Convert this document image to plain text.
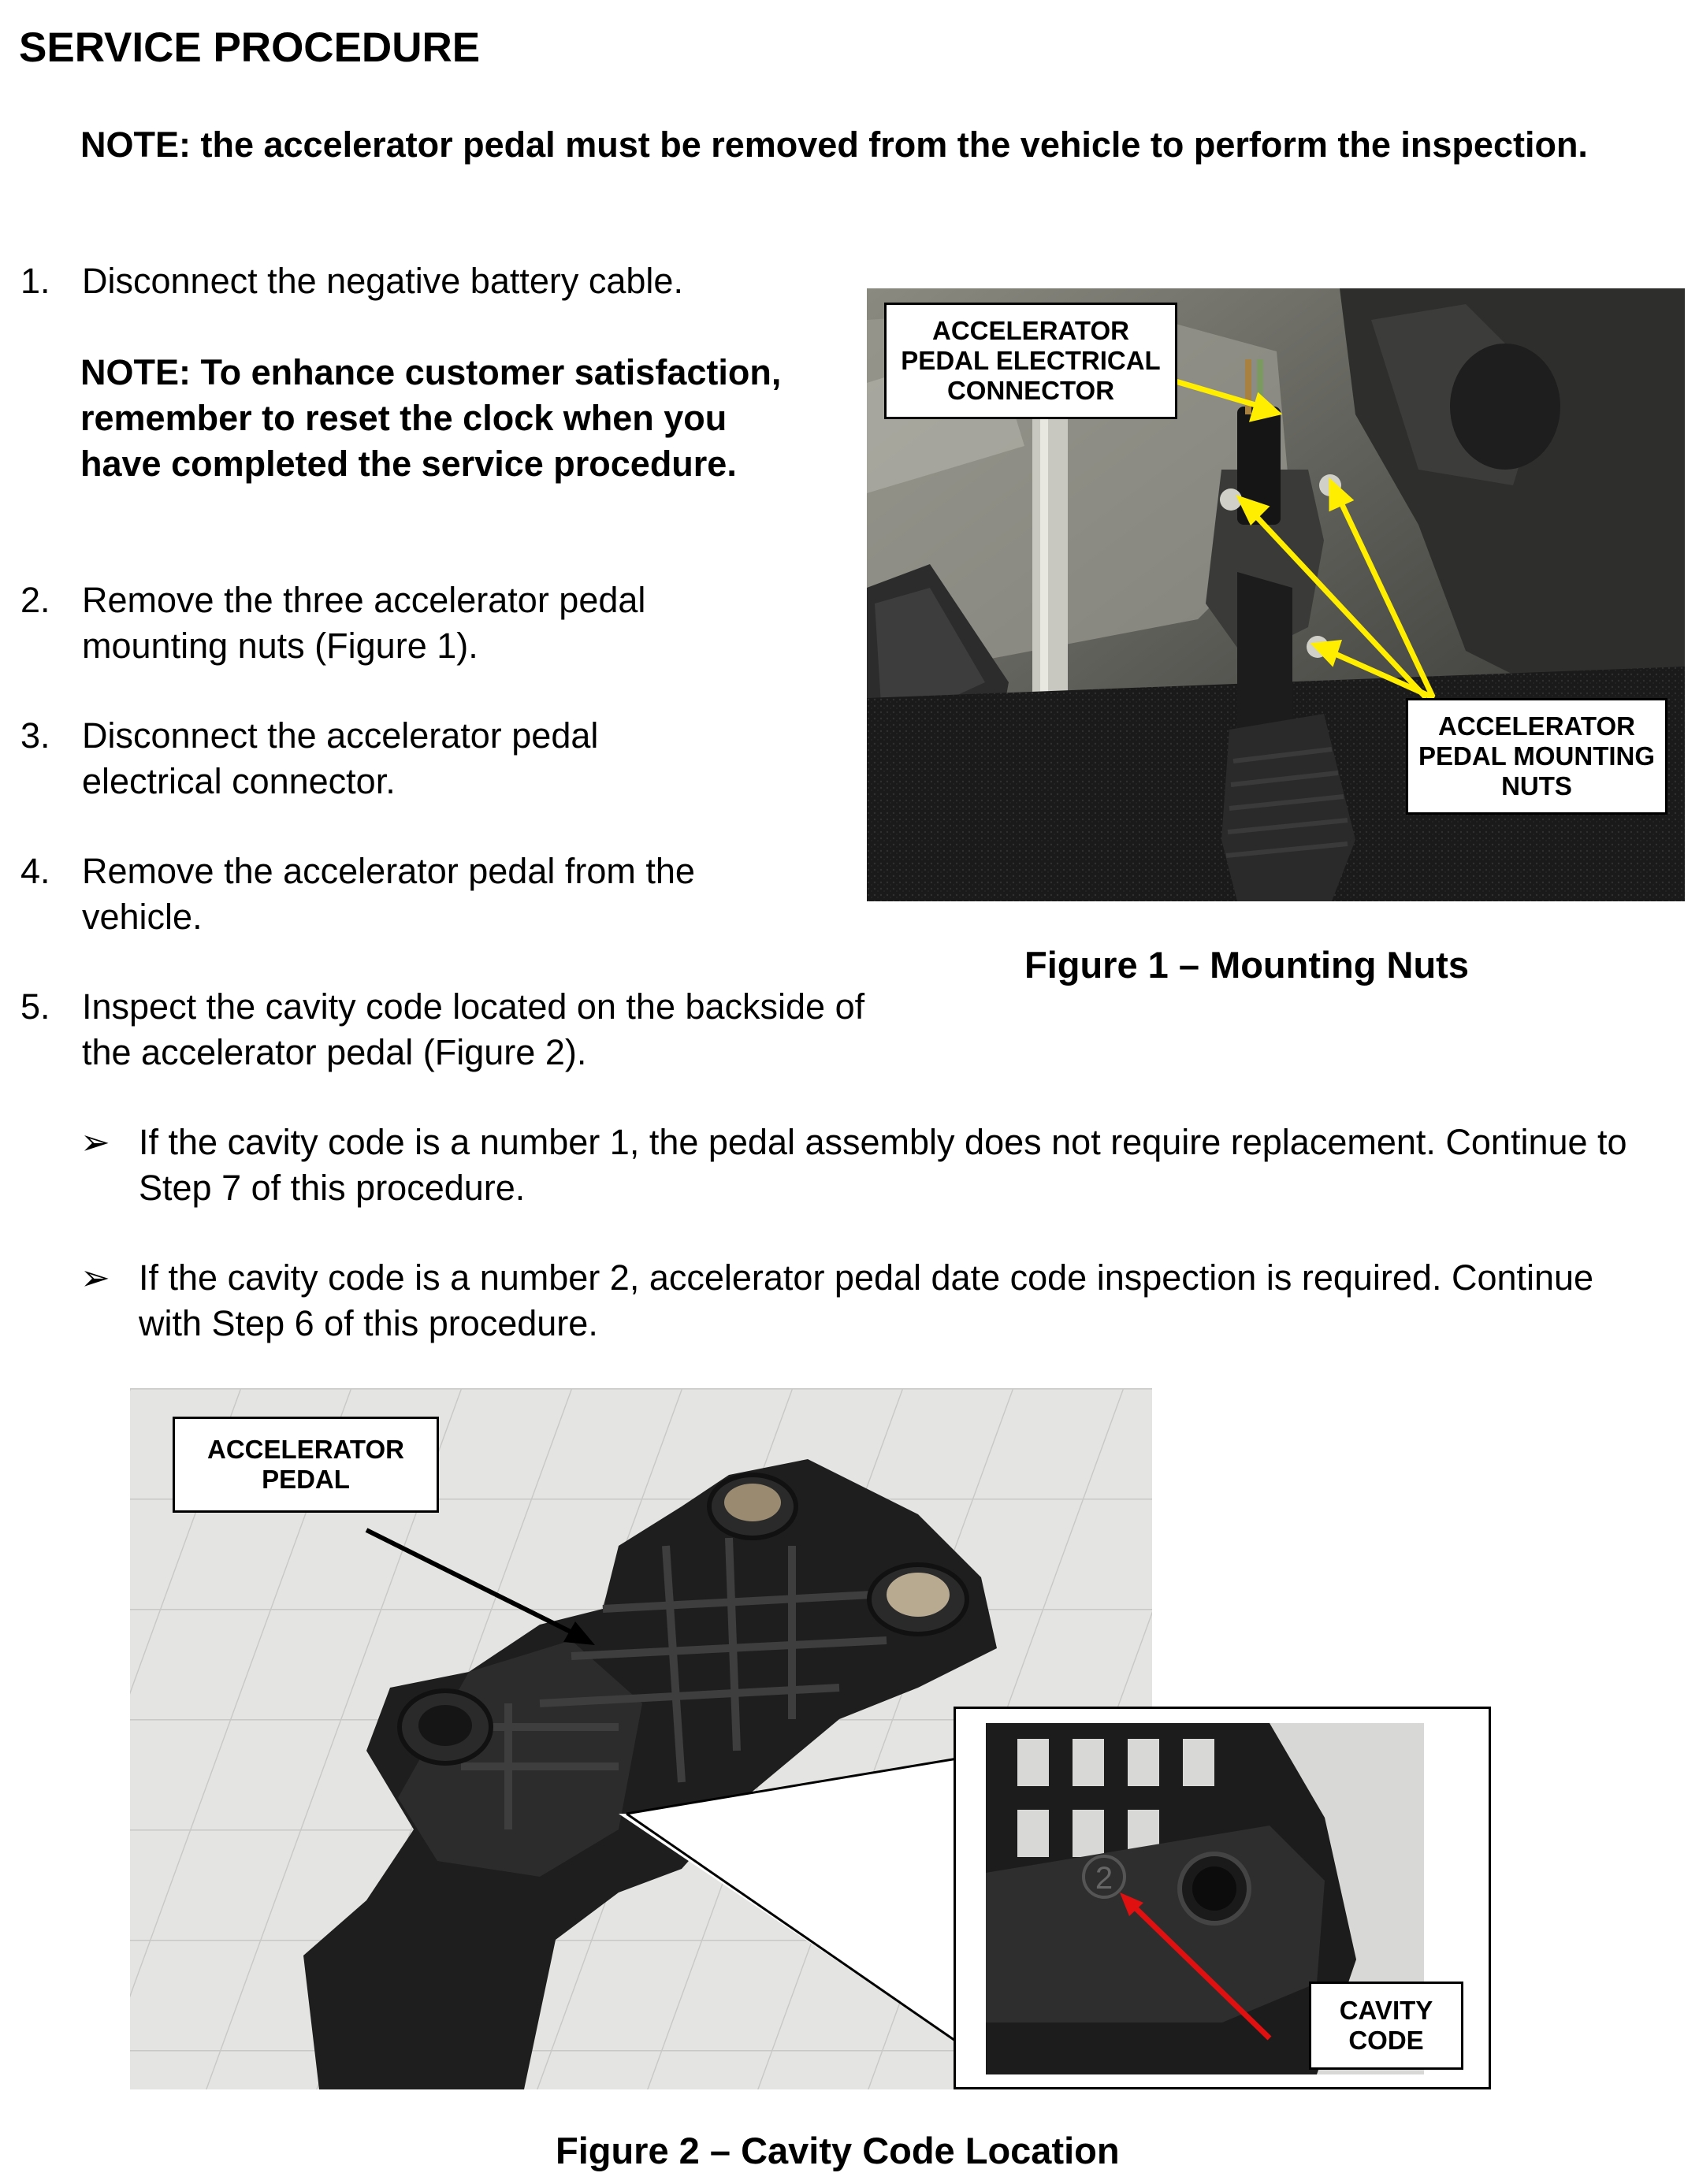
SERVICE PROCEDURE
NOTE: the accelerator pedal must be removed from the vehicle to perform the inspection.
1. Disconnect the negative battery cable.
NOTE: To enhance customer satisfaction, remember to reset the clock when you have completed the service procedure.
2. Remove the three accelerator pedal mounting nuts (Figure 1).
3. Disconnect the accelerator pedal electrical connector.
4. Remove the accelerator pedal from the vehicle.
5. Inspect the cavity code located on the backside of the accelerator pedal (Figure 2).
➢ If the cavity code is a number 1, the pedal assembly does not require replacement. Continue to Step 7 of this procedure.
➢ If the cavity code is a number 2, accelerator pedal date code inspection is required. Continue with Step 6 of this procedure.
ACCELERATOR
PEDAL ELECTRICAL
CONNECTOR
ACCELERATOR
PEDAL MOUNTING
NUTS
Figure 1 – Mounting Nuts
ACCELERATOR
PEDAL
2
CAVITY
CODE
Figure 2 – Cavity Code Location
